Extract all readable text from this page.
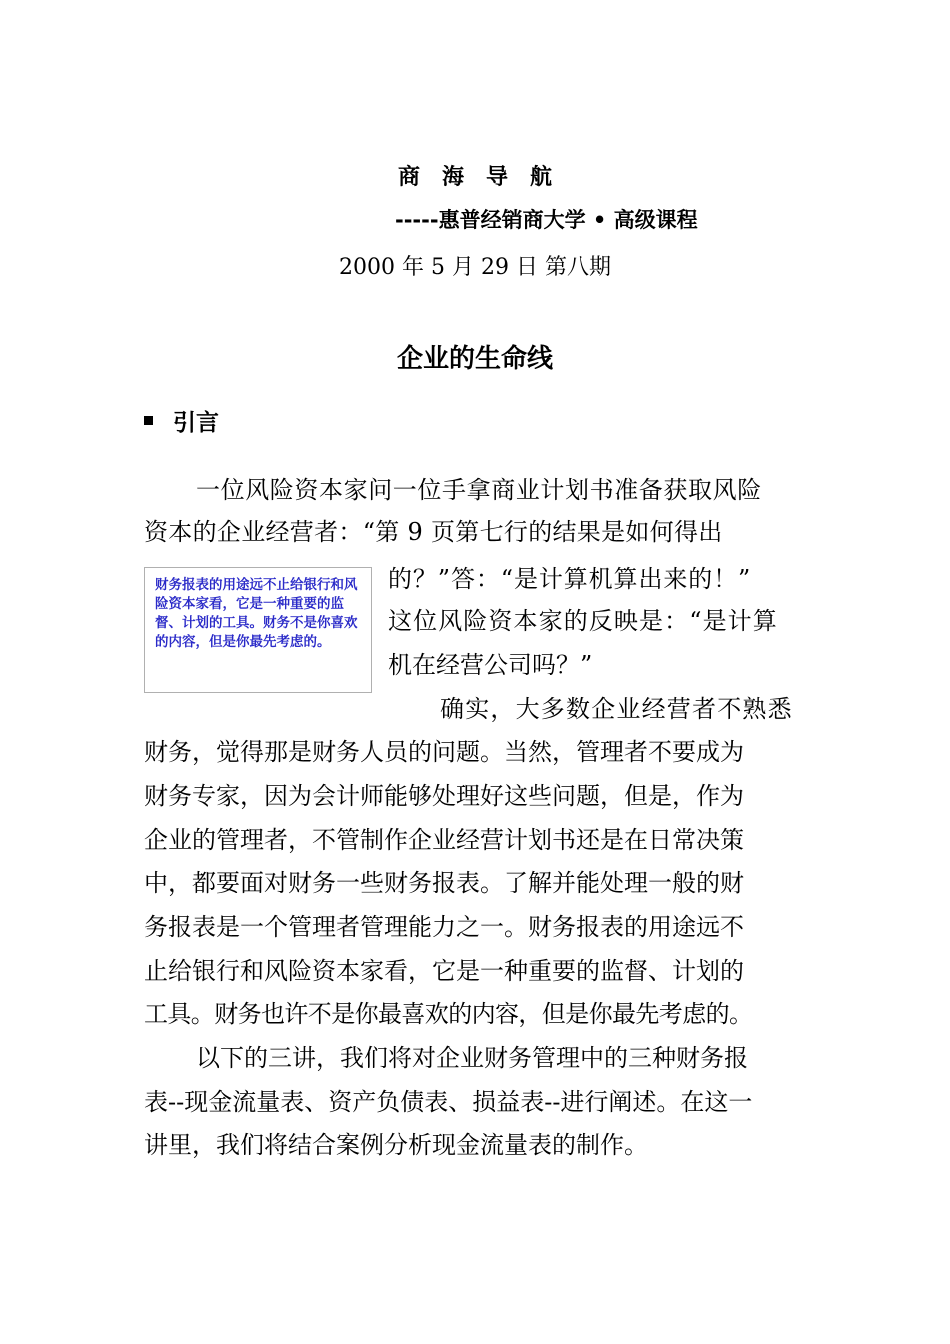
商海导航
-----惠普经销商大学 • 高级课程
2000 年 5 月 29 日 第八期
企业的生命线
引言
一位风险资本家问一位手拿商业计划书准备获取风险
资本的企业经营者：“第 9 页第七行的结果是如何得出
的？”答：“是计算机算出来的！”
这位风险资本家的反映是：“是计算
机在经营公司吗？”
确实，大多数企业经营者不熟悉
财务，觉得那是财务人员的问题。当然，管理者不要成为
财务专家，因为会计师能够处理好这些问题，但是，作为
企业的管理者，不管制作企业经营计划书还是在日常决策
中，都要面对财务一些财务报表。了解并能处理一般的财
务报表是一个管理者管理能力之一。财务报表的用途远不
止给银行和风险资本家看，它是一种重要的监督、计划的
工具。财务也许不是你最喜欢的内容，但是你最先考虑的。
以下的三讲，我们将对企业财务管理中的三种财务报
表--现金流量表、资产负债表、损益表--进行阐述。在这一
讲里，我们将结合案例分析现金流量表的制作。
财务报表的用途远不止给银行和风险资本家看，它是一种重要的监督、计划的工具。财务不是你喜欢的内容，但是你最先考虑的。
